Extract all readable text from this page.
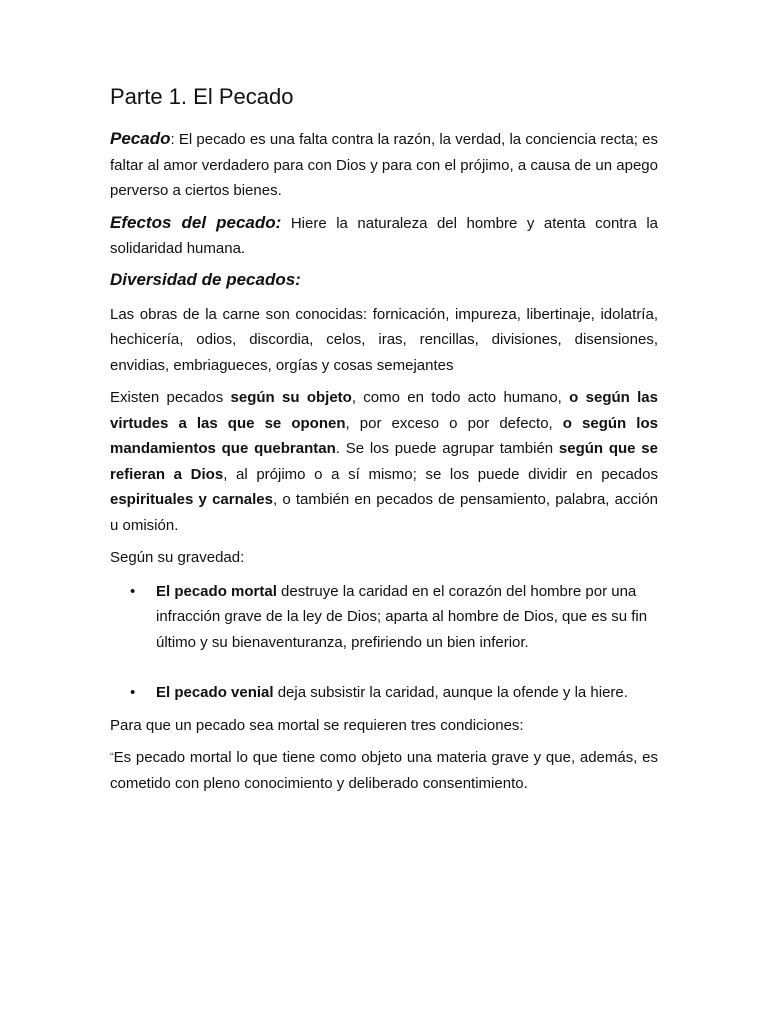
Parte 1. El Pecado

Pecado: El pecado es una falta contra la razón, la verdad, la conciencia recta; es faltar al amor verdadero para con Dios y para con el prójimo, a causa de un apego perverso a ciertos bienes.

Efectos del pecado: Hiere la naturaleza del hombre y atenta contra la solidaridad humana.

Diversidad de pecados:

Las obras de la carne son conocidas: fornicación, impureza, libertinaje, idolatría, hechicería, odios, discordia, celos, iras, rencillas, divisiones, disensiones, envidias, embriagueces, orgías y cosas semejantes

Existen pecados según su objeto, como en todo acto humano, o según las virtudes a las que se oponen, por exceso o por defecto, o según los mandamientos que quebrantan. Se los puede agrupar también según que se refieran a Dios, al prójimo o a sí mismo; se los puede dividir en pecados espirituales y carnales, o también en pecados de pensamiento, palabra, acción u omisión.

Según su gravedad:

• El pecado mortal destruye la caridad en el corazón del hombre por una infracción grave de la ley de Dios; aparta al hombre de Dios, que es su fin último y su bienaventuranza, prefiriendo un bien inferior.
• El pecado venial deja subsistir la caridad, aunque la ofende y la hiere.

Para que un pecado sea mortal se requieren tres condiciones:

“Es pecado mortal lo que tiene como objeto una materia grave y que, además, es cometido con pleno conocimiento y deliberado consentimiento.
